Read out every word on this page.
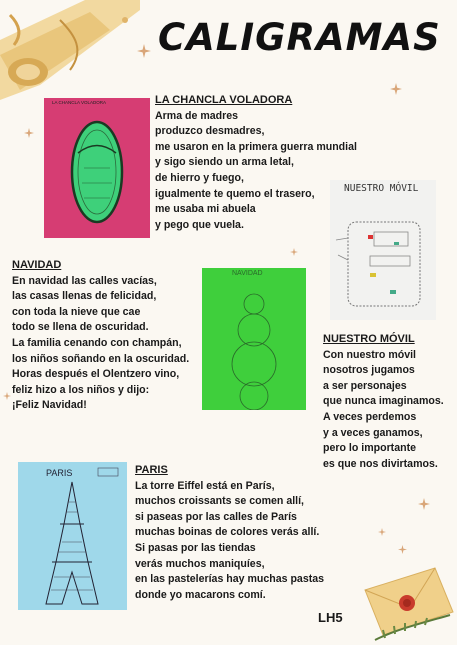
CALIGRAMAS
LA CHANCLA VOLADORA	LA CHANCLA VOLADORA
Arma de madres
produzco desmadres,
me usaron en la primera guerra mundial
y sigo siendo un arma letal,
de hierro y fuego,
igualmente te quemo el trasero,
me usaba mi abuela
y pego que vuela.
NUESTRO MÓVIL
NAVIDAD
NAVIDAD
En navidad las calles vacías,
las casas llenas de felicidad,
con toda la nieve que cae
todo se llena de oscuridad.
La familia cenando con champán,
los niños soñando en la oscuridad.
Horas después el Olentzero vino,
feliz hizo a los niños y dijo:
¡Feliz Navidad!
NUESTRO MÓVIL
Con nuestro móvil
nosotros jugamos
a ser personajes
que nunca imaginamos.
A veces perdemos
y a veces ganamos,
pero lo importante
es que nos divirtamos.
PARIS	PARIS
La torre Eiffel está en París,
muchos croissants se comen allí,
si paseas por las calles de París
muchas boinas de colores verás allí.
Si pasas por las tiendas
verás muchos maniquíes,
en las pastelerías hay muchas pastas
donde yo macarons comí.
LH5
